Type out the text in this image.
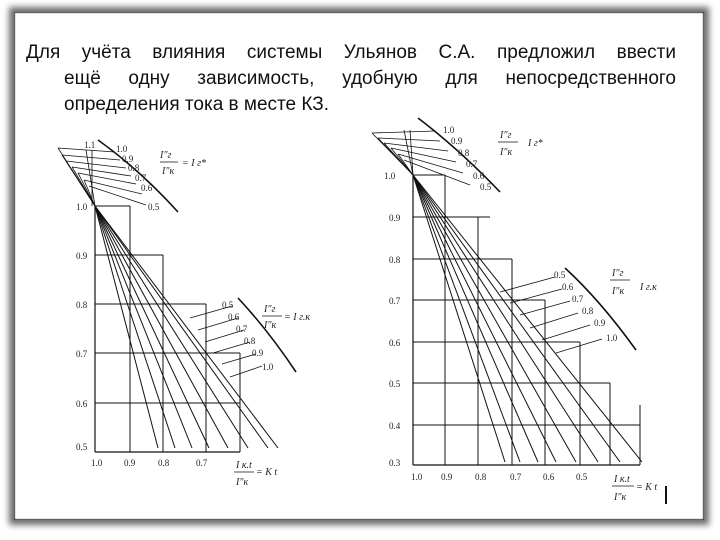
Для учёта влияния системы Ульянов С.А. предложил ввести
ещё одну зависимость, удобную для непосредственного
определения тока в месте КЗ.
1.0
0.9
0.8
0.7
0.6
0.5
1.0 0.9	0.8	0.7
1.1 1.0
0.9
0.8
0.7
0.6
0.5
I″г
I″к
= I г*
0.5
0.6
0.7
0.8
0.9
1.0
I″г
I″к
= I г.к
I к.t
I″к
= K t
1.0
0.9
0.8
0.7
0.6
0.5
0.4
0.3
1.0 0.9	0.8	0.7 0.6 0.5
1.0
0.9
0.8
0.7
0.6
0.5
I″г
I″к
I г*
0.5
0.6
0.7
0.8
0.9
1.0
I″г
I″к I г.к
I к.t
I″к
= K t
